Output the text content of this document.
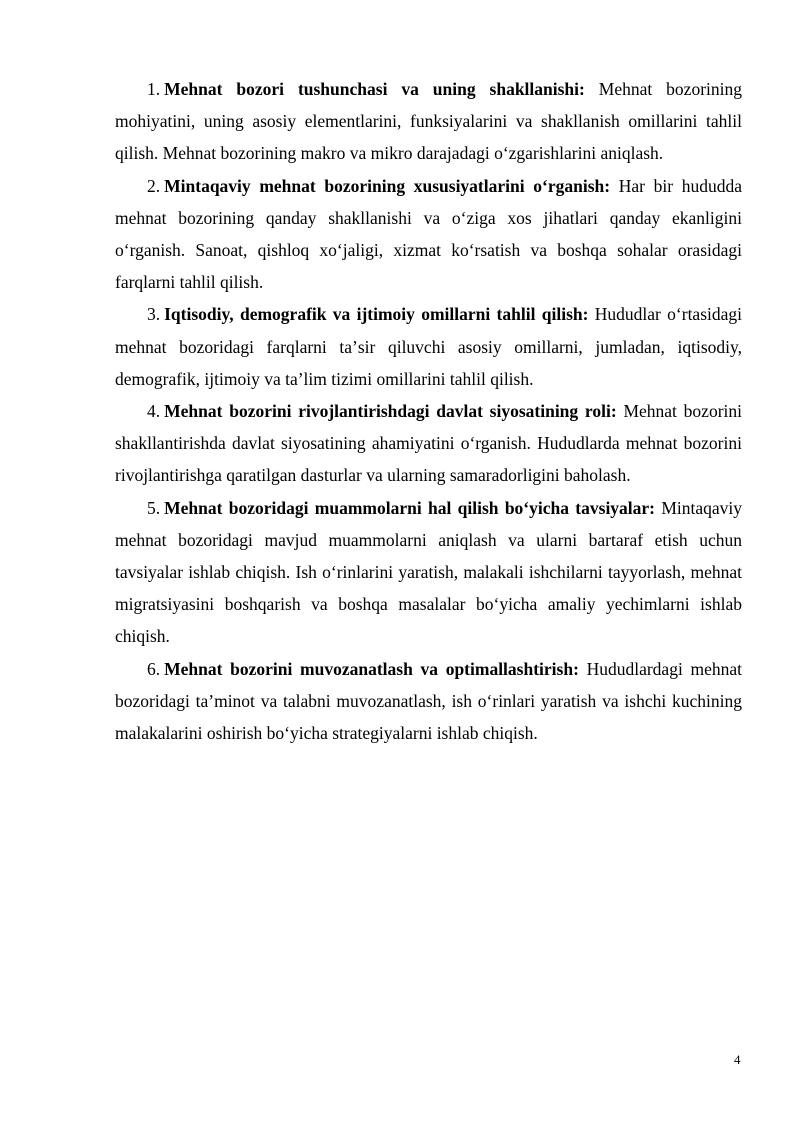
1. Mehnat bozori tushunchasi va uning shakllanishi: Mehnat bozorining mohiyatini, uning asosiy elementlarini, funksiyalarini va shakllanish omillarini tahlil qilish. Mehnat bozorining makro va mikro darajadagi oʻzgarishlarini aniqlash.

2. Mintaqaviy mehnat bozorining xususiyatlarini oʻrganish: Har bir hududda mehnat bozorining qanday shakllanishi va oʻziga xos jihatlari qanday ekanligini oʻrganish. Sanoat, qishloq xoʻjaligi, xizmat koʻrsatish va boshqa sohalar orasidagi farqlarni tahlil qilish.

3. Iqtisodiy, demografik va ijtimoiy omillarni tahlil qilish: Hududlar oʻrtasidagi mehnat bozoridagi farqlarni taʼsir qiluvchi asosiy omillarni, jumladan, iqtisodiy, demografik, ijtimoiy va taʼlim tizimi omillarini tahlil qilish.

4. Mehnat bozorini rivojlantirishdagi davlat siyosatining roli: Mehnat bozorini shakllantirishda davlat siyosatining ahamiyatini oʻrganish. Hududlarda mehnat bozorini rivojlantirishga qaratilgan dasturlar va ularning samaradorligini baholash.

5. Mehnat bozoridagi muammolarni hal qilish boʻyicha tavsiyalar: Mintaqaviy mehnat bozoridagi mavjud muammolarni aniqlash va ularni bartaraf etish uchun tavsiyalar ishlab chiqish. Ish oʻrinlarini yaratish, malakali ishchilarni tayyorlash, mehnat migratsiyasini boshqarish va boshqa masalalar boʻyicha amaliy yechimlarni ishlab chiqish.

6. Mehnat bozorini muvozanatlash va optimallashtirish: Hududlardagi mehnat bozoridagi taʼminot va talabni muvozanatlash, ish oʻrinlari yaratish va ishchi kuchining malakalarini oshirish boʻyicha strategiyalarni ishlab chiqish.

4
